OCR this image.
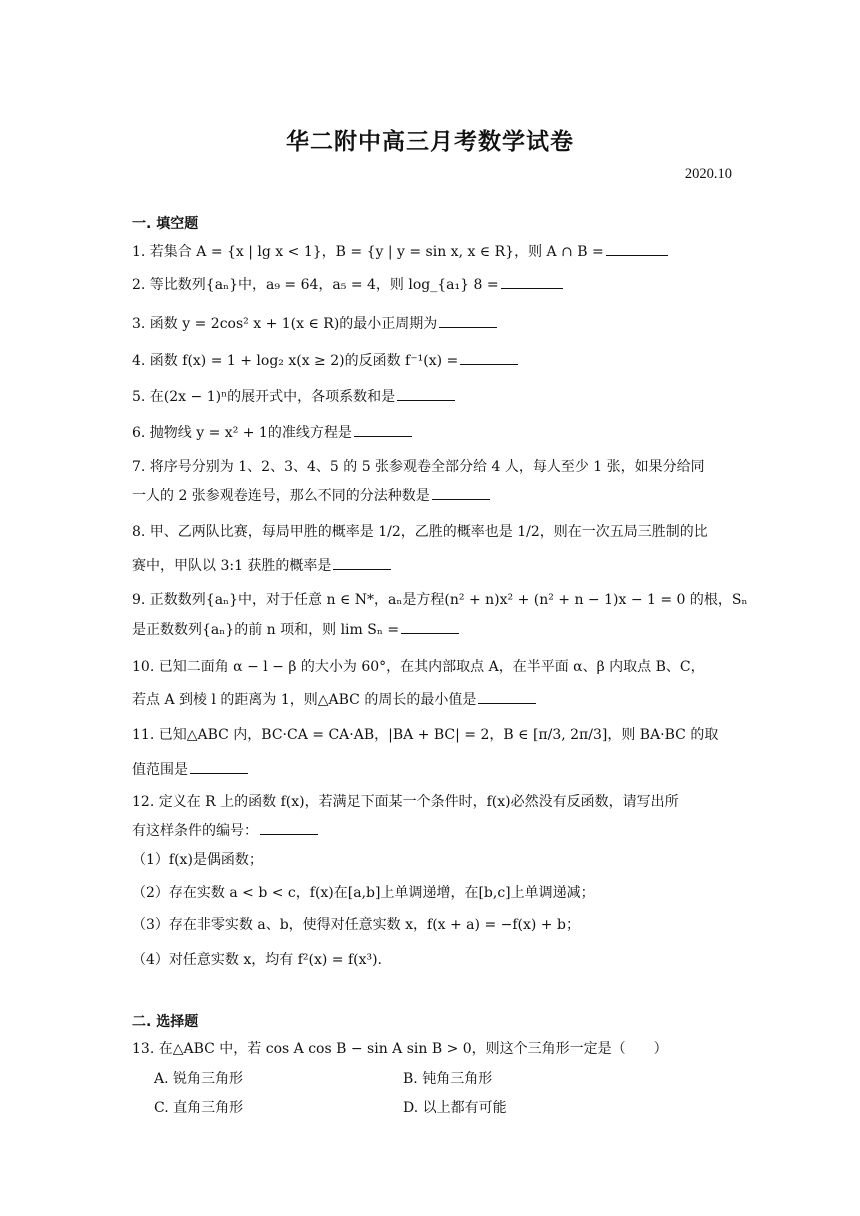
华二附中高三月考数学试卷
2020.10
一. 填空题
1. 若集合 A = {x | lg x < 1}，B = {y | y = sin x, x ∈ R}，则 A ∩ B =
2. 等比数列{aₙ}中，a₉ = 64，a₅ = 4，则 log_{a₁} 8 =
3. 函数 y = 2cos² x + 1(x ∈ R)的最小正周期为
4. 函数 f(x) = 1 + log₂ x(x ≥ 2)的反函数 f⁻¹(x) =
5. 在(2x − 1)ⁿ的展开式中，各项系数和是
6. 抛物线 y = x² + 1的准线方程是
7. 将序号分别为 1、2、3、4、5 的 5 张参观卷全部分给 4 人，每人至少 1 张，如果分给同
一人的 2 张参观卷连号，那么不同的分法种数是
8. 甲、乙两队比赛，每局甲胜的概率是 1/2，乙胜的概率也是 1/2，则在一次五局三胜制的比
赛中，甲队以 3:1 获胜的概率是
9. 正数数列{aₙ}中，对于任意 n ∈ N*，aₙ是方程(n² + n)x² + (n² + n − 1)x − 1 = 0 的根，Sₙ
是正数数列{aₙ}的前 n 项和，则 lim Sₙ =
10. 已知二面角 α − l − β 的大小为 60°，在其内部取点 A，在半平面 α、β 内取点 B、C，
若点 A 到棱 l 的距离为 1，则△ABC 的周长的最小值是
11. 已知△ABC 内，BC·CA = CA·AB，|BA + BC| = 2，B ∈ [π/3, 2π/3]，则 BA·BC 的取
值范围是
12. 定义在 R 上的函数 f(x)，若满足下面某一个条件时，f(x)必然没有反函数，请写出所
有这样条件的编号：
（1）f(x)是偶函数；
（2）存在实数 a < b < c，f(x)在[a,b]上单调递增，在[b,c]上单调递减；
（3）存在非零实数 a、b，使得对任意实数 x，f(x + a) = −f(x) + b；
（4）对任意实数 x，均有 f²(x) = f(x³).
二. 选择题
13. 在△ABC 中，若 cos A cos B − sin A sin B > 0，则这个三角形一定是（　　）
A. 锐角三角形	B. 钝角三角形
C. 直角三角形	D. 以上都有可能
